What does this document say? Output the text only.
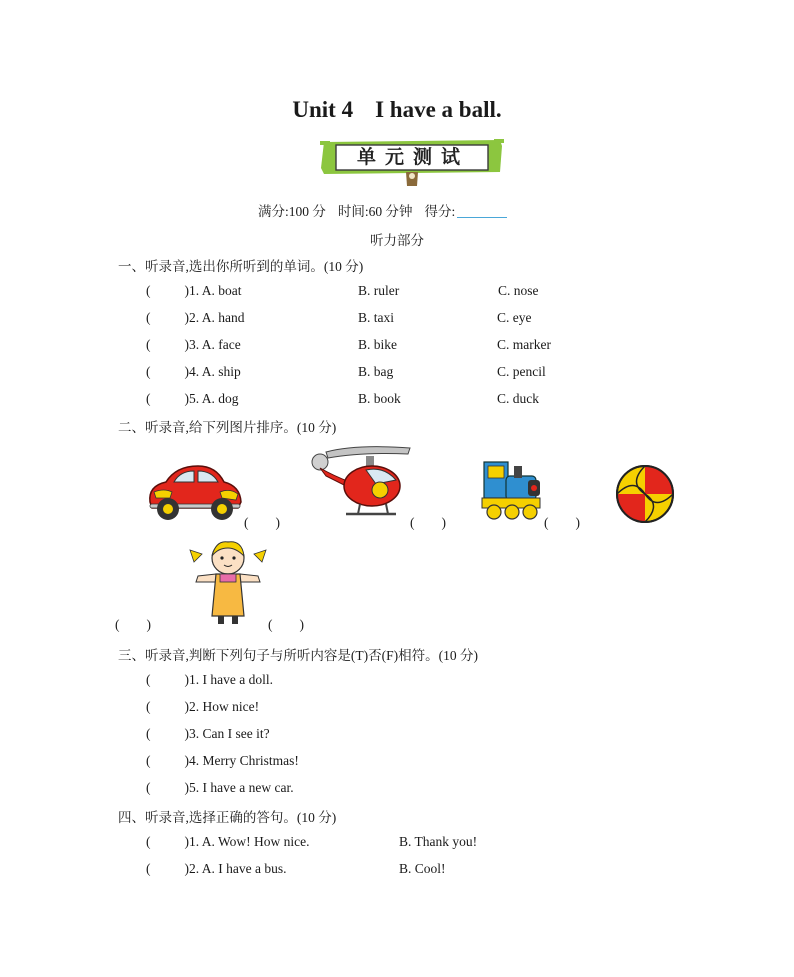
Unit 4 I have a ball.
单元测试
满分:100 分 时间:60 分钟 得分:
听力部分
一、听录音,选出你所听到的单词。(10 分)
(	)1. A. boat	B. ruler	C. nose
(	)2. A. hand	B. taxi	C. eye
(	)3. A. face	B. bike	C. marker
(	)4. A. ship	B. bag	C. pencil
(	)5. A. dog	B. book	C. duck
二、听录音,给下列图片排序。(10 分)
(　　)	(　　)	(　　)
(　　)	(　　)
三、听录音,判断下列句子与所听内容是(T)否(F)相符。(10 分)
(	)1. I have a doll.
(	)2. How nice!
(	)3. Can I see it?
(	)4. Merry Christmas!
(	)5. I have a new car.
四、听录音,选择正确的答句。(10 分)
(	)1. A. Wow! How nice.	B. Thank you!
(	)2. A. I have a bus.	B. Cool!
